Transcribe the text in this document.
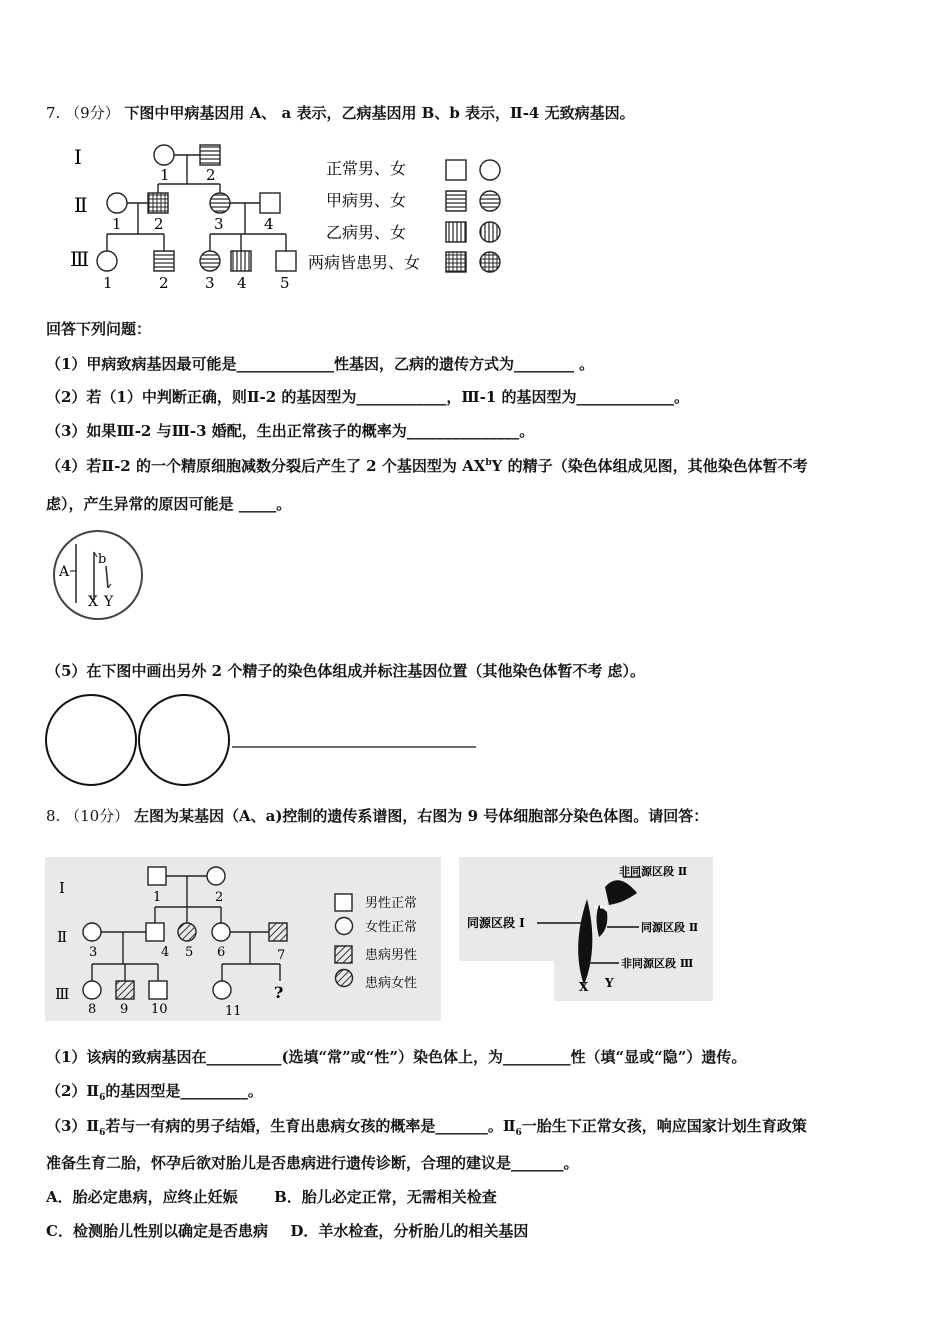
7. （9分） 下图中甲病基因用 A、 a 表示，乙病基因用 B、b 表示，Ⅱ-4 无致病基因。
Ⅰ
Ⅱ
Ⅲ
1 2
1 2	3	4
1	2 3 4 5
正常男、女
甲病男、女
乙病男、女
两病皆患男、女
回答下列问题：
（1）甲病致病基因最可能是_____________性基因，乙病的遗传方式为________ 。
（2）若（1）中判断正确，则Ⅱ-2 的基因型为____________，Ⅲ-1 的基因型为_____________。
（3）如果Ⅲ-2 与Ⅲ-3 婚配，生出正常孩子的概率为_______________。
（4）若Ⅱ-2 的一个精原细胞减数分裂后产生了 2 个基因型为 $AX^bY$ 的精子（染色体组成见图，其他染色体暂不考
虑），产生异常的原因可能是 _____。
A
b
X Y
（5）在下图中画出另外 2 个精子的染色体组成并标注基因位置（其他染色体暂不考 虑）。
8. （10分） 左图为某基因（A、a)控制的遗传系谱图，右图为 9 号体细胞部分染色体图。请回答：
Ⅰ
Ⅱ
Ⅲ
1	2
3	4 5 6	7
?
8 9 10	11
男性正常
女性正常
患病男性
患病女性
同源区段 Ⅰ
非同源区段 Ⅱ
同源区段 Ⅱ
非同源区段 Ⅲ
X Y
（1）该病的致病基因在__________(选填“常”或“性”）染色体上，为_________性（填“显或“隐”）遗传。
$(2)Ⅱ_6$的基因型是_________。
$(3)Ⅱ_6$若与一有病的男子结婚，生育出患病女孩的概率是_______。$Ⅱ_6$一胎生下正常女孩，响应国家计划生育政策
准备生育二胎，怀孕后欲对胎儿是否患病进行遗传诊断，合理的建议是_______。
A．胎必定患病，应终止妊娠 B．胎儿必定正常，无需相关检查
C．检测胎儿性别以确定是否患病 D．羊水检查，分析胎儿的相关基因
